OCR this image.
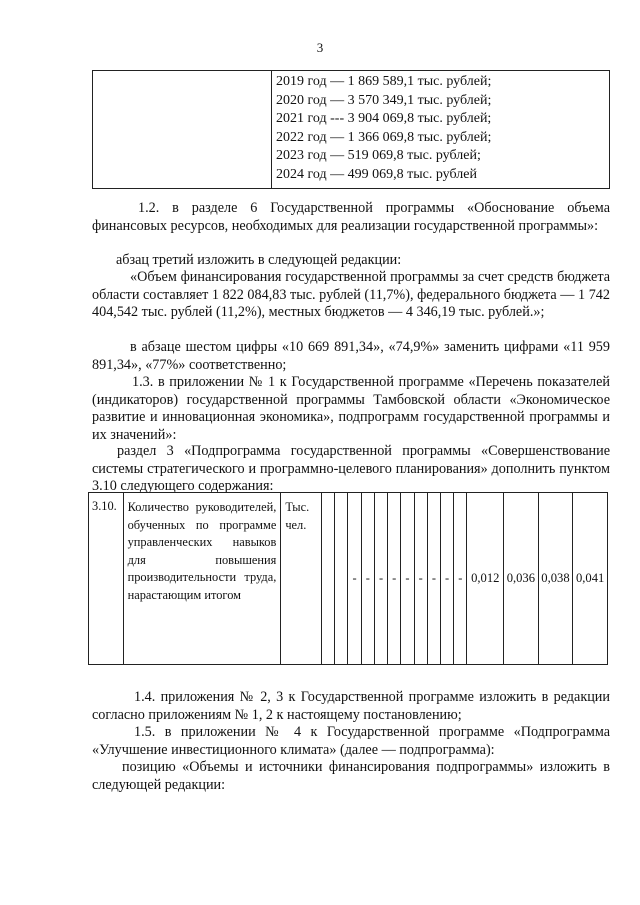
3

2019 год — 1 869 589,1 тыс. рублей;
2020 год — 3 570 349,1 тыс. рублей;
2021 год --- 3 904 069,8 тыс. рублей;
2022 год — 1 366 069,8 тыс. рублей;
2023 год — 519 069,8 тыс. рублей;
2024 год — 499 069,8 тыс. рублей

1.2. в разделе 6 Государственной программы «Обоснование объема финансовых ресурсов, необходимых для реализации государственной программы»:

абзац третий изложить в следующей редакции:

«Объем финансирования государственной программы за счет средств бюджета области составляет 1 822 084,83 тыс. рублей (11,7%), федерального бюджета — 1 742 404,542 тыс. рублей (11,2%), местных бюджетов — 4 346,19 тыс. рублей.»;

в абзаце шестом цифры «10 669 891,34», «74,9%» заменить цифрами «11 959 891,34», «77%» соответственно;

1.3. в приложении № 1 к Государственной программе «Перечень показателей (индикаторов) государственной программы Тамбовской области «Экономическое развитие и инновационная экономика», подпрограмм государственной программы и их значений»:

раздел 3 «Подпрограмма государственной программы «Совершенствование системы стратегического и программно-целевого планирования» дополнить пунктом 3.10 следующего содержания:

3.10.	Количество руководителей, обученных по программе управленческих навыков для повышения производительности труда, нарастающим итогом	Тыс. чел.			-	-	-	-	-	-	-	-	-	0,012	0,036	0,038	0,041

1.4. приложения № 2, 3 к Государственной программе изложить в редакции согласно приложениям № 1, 2 к настоящему постановлению;

1.5. в приложении № 4 к Государственной программе «Подпрограмма «Улучшение инвестиционного климата» (далее — подпрограмма):

позицию «Объемы и источники финансирования подпрограммы» изложить в следующей редакции:
